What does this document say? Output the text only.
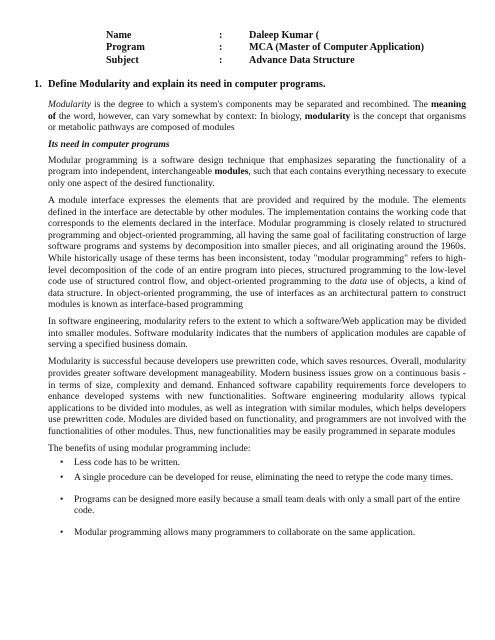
Name	:	Daleep Kumar (
Program	:	MCA (Master of Computer Application)
Subject	:	Advance Data Structure
1. Define Modularity and explain its need in computer programs.

Modularity is the degree to which a system's components may be separated and recombined. The meaning of the word, however, can vary somewhat by context: In biology, modularity is the concept that organisms or metabolic pathways are composed of modules

Its need in computer programs

Modular programming is a software design technique that emphasizes separating the functionality of a program into independent, interchangeable modules, such that each contains everything necessary to execute only one aspect of the desired functionality.

A module interface expresses the elements that are provided and required by the module. The elements defined in the interface are detectable by other modules. The implementation contains the working code that corresponds to the elements declared in the interface. Modular programming is closely related to structured programming and object-oriented programming, all having the same goal of facilitating construction of large software programs and systems by decomposition into smaller pieces, and all originating around the 1960s. While historically usage of these terms has been inconsistent, today "modular programming" refers to high-level decomposition of the code of an entire program into pieces, structured programming to the low-level code use of structured control flow, and object-oriented programming to the data use of objects, a kind of data structure. In object-oriented programming, the use of interfaces as an architectural pattern to construct modules is known as interface-based programming

In software engineering, modularity refers to the extent to which a software/Web application may be divided into smaller modules. Software modularity indicates that the numbers of application modules are capable of serving a specified business domain.

Modularity is successful because developers use prewritten code, which saves resources. Overall, modularity provides greater software development manageability. Modern business issues grow on a continuous basis - in terms of size, complexity and demand. Enhanced software capability requirements force developers to enhance developed systems with new functionalities. Software engineering modularity allows typical applications to be divided into modules, as well as integration with similar modules, which helps developers use prewritten code. Modules are divided based on functionality, and programmers are not involved with the functionalities of other modules. Thus, new functionalities may be easily programmed in separate modules

The benefits of using modular programming include:

• Less code has to be written.
• A single procedure can be developed for reuse, eliminating the need to retype the code many times.
• Programs can be designed more easily because a small team deals with only a small part of the entire code.
• Modular programming allows many programmers to collaborate on the same application.
